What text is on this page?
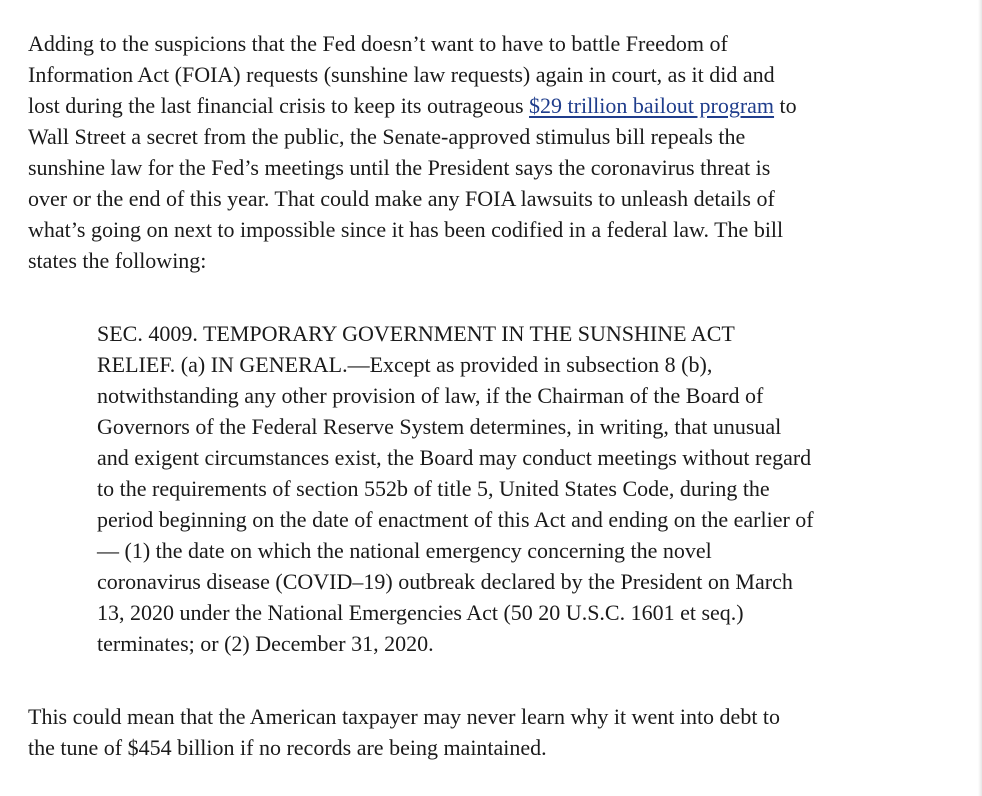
Adding to the suspicions that the Fed doesn’t want to have to battle Freedom of
Information Act (FOIA) requests (sunshine law requests) again in court, as it did and
lost during the last financial crisis to keep its outrageous $29 trillion bailout program to
Wall Street a secret from the public, the Senate-approved stimulus bill repeals the
sunshine law for the Fed’s meetings until the President says the coronavirus threat is
over or the end of this year. That could make any FOIA lawsuits to unleash details of
what’s going on next to impossible since it has been codified in a federal law. The bill
states the following:

SEC. 4009. TEMPORARY GOVERNMENT IN THE SUNSHINE ACT
RELIEF. (a) IN GENERAL.—Except as provided in subsection 8 (b),
notwithstanding any other provision of law, if the Chairman of the Board of
Governors of the Federal Reserve System determines, in writing, that unusual
and exigent circumstances exist, the Board may conduct meetings without regard
to the requirements of section 552b of title 5, United States Code, during the
period beginning on the date of enactment of this Act and ending on the earlier of
— (1) the date on which the national emergency concerning the novel
coronavirus disease (COVID–19) outbreak declared by the President on March
13, 2020 under the National Emergencies Act (50 20 U.S.C. 1601 et seq.)
terminates; or (2) December 31, 2020.

This could mean that the American taxpayer may never learn why it went into debt to
the tune of $454 billion if no records are being maintained.
